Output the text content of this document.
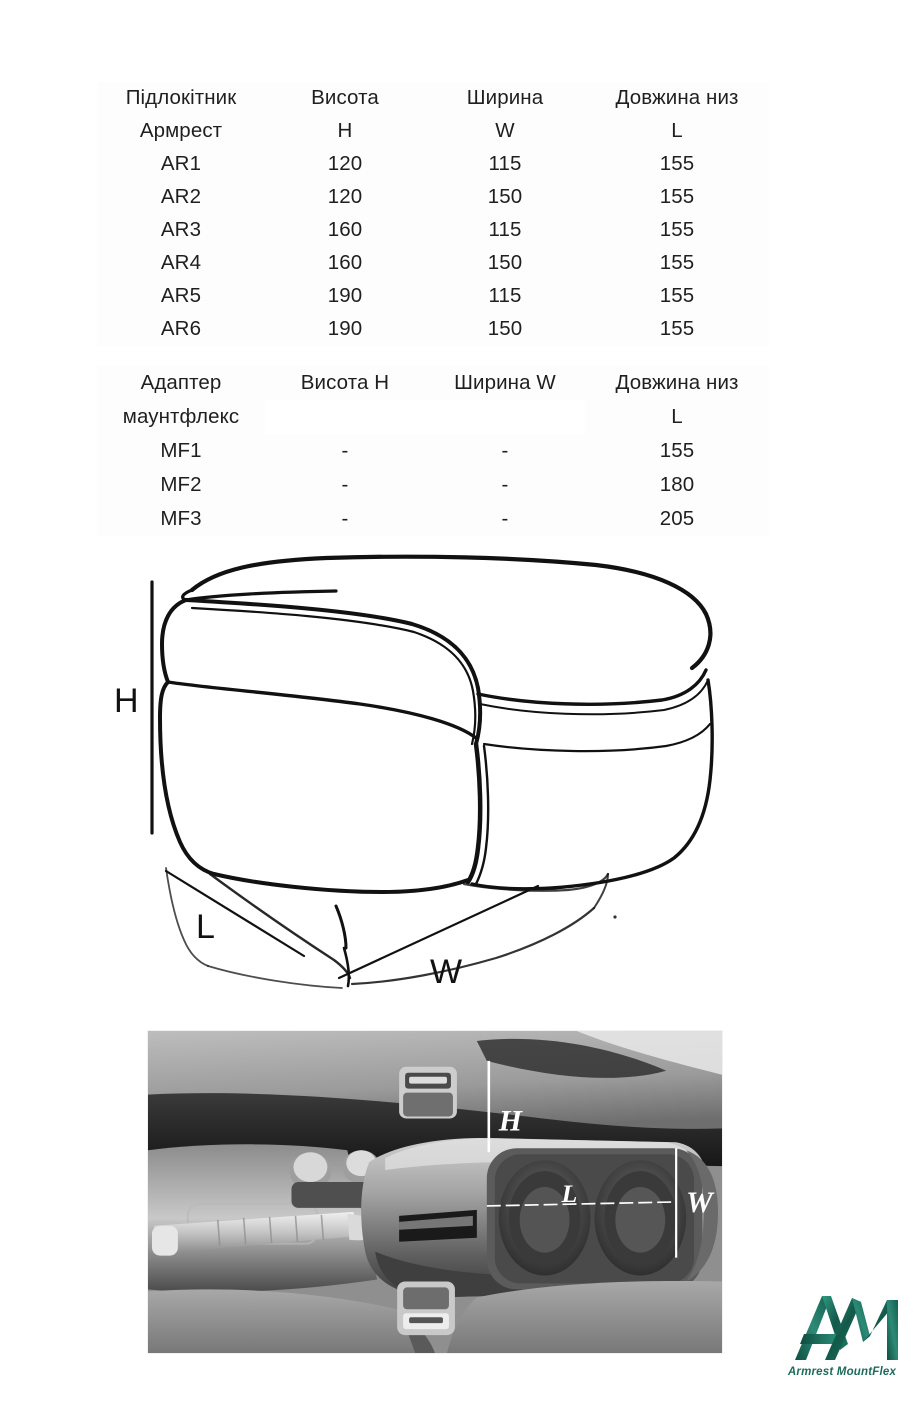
Підлокітник	Висота	Ширина	Довжина низ
Армрест	H	W	L
AR1	120	115	155
AR2	120	150	155
AR3	160	115	155
AR4	160	150	155
AR5	190	115	155
AR6	190	150	155
Адаптер	Висота H	Ширина W	Довжина низ
маунтфлекс			L
MF1	-	-	155
MF2	-	-	180
MF3	-	-	205
H
L
W
H
L	W
Armrest MountFlex
